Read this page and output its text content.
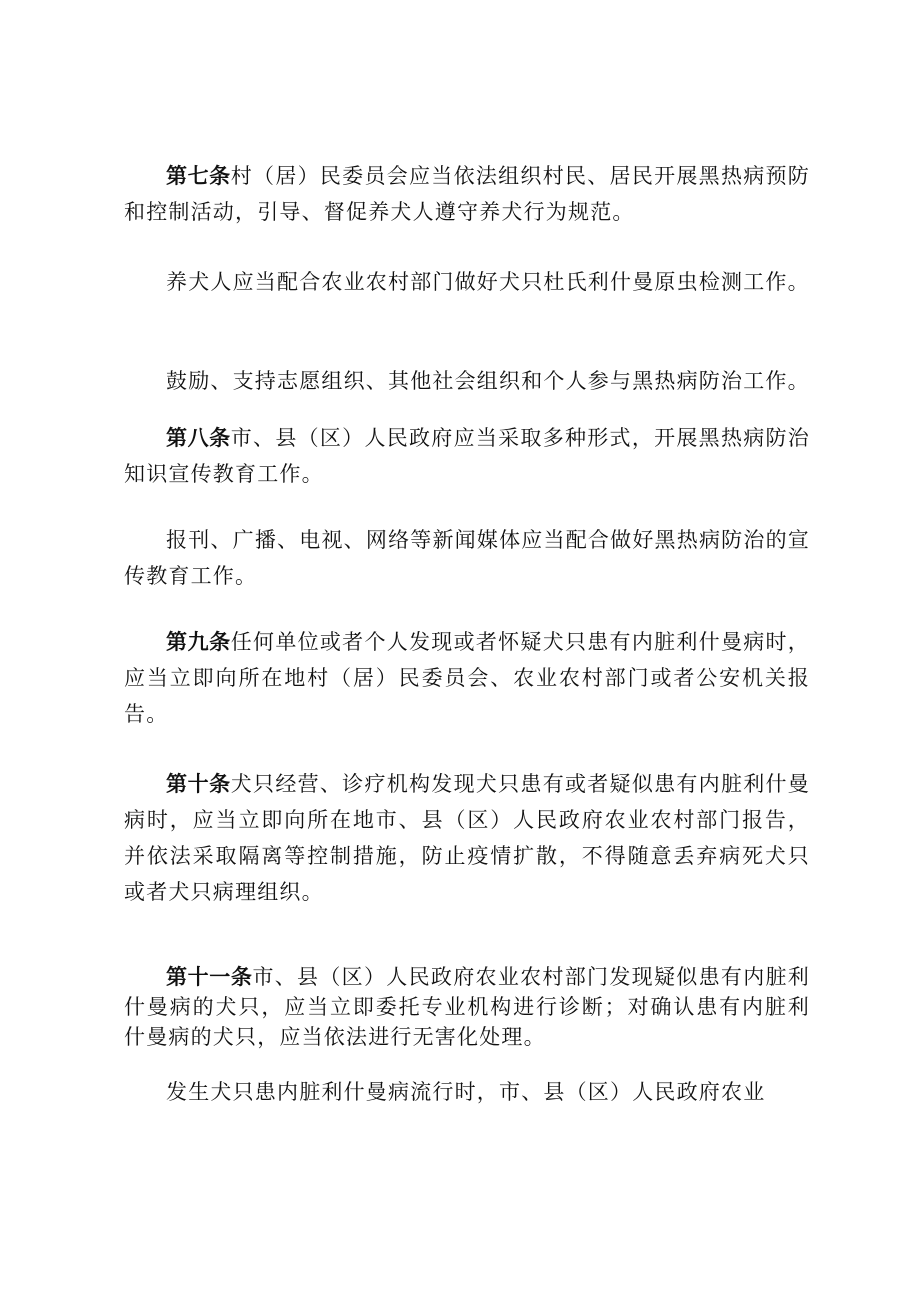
第七条村（居）民委员会应当依法组织村民、居民开展黑热病预防和控制活动，引导、督促养犬人遵守养犬行为规范。

养犬人应当配合农业农村部门做好犬只杜氏利什曼原虫检测工作。

鼓励、支持志愿组织、其他社会组织和个人参与黑热病防治工作。

第八条市、县（区）人民政府应当采取多种形式，开展黑热病防治知识宣传教育工作。

报刊、广播、电视、网络等新闻媒体应当配合做好黑热病防治的宣传教育工作。

第九条任何单位或者个人发现或者怀疑犬只患有内脏利什曼病时，应当立即向所在地村（居）民委员会、农业农村部门或者公安机关报告。

第十条犬只经营、诊疗机构发现犬只患有或者疑似患有内脏利什曼病时，应当立即向所在地市、县（区）人民政府农业农村部门报告，并依法采取隔离等控制措施，防止疫情扩散，不得随意丢弃病死犬只或者犬只病理组织。

第十一条市、县（区）人民政府农业农村部门发现疑似患有内脏利什曼病的犬只，应当立即委托专业机构进行诊断；对确认患有内脏利什曼病的犬只，应当依法进行无害化处理。

发生犬只患内脏利什曼病流行时，市、县（区）人民政府农业
